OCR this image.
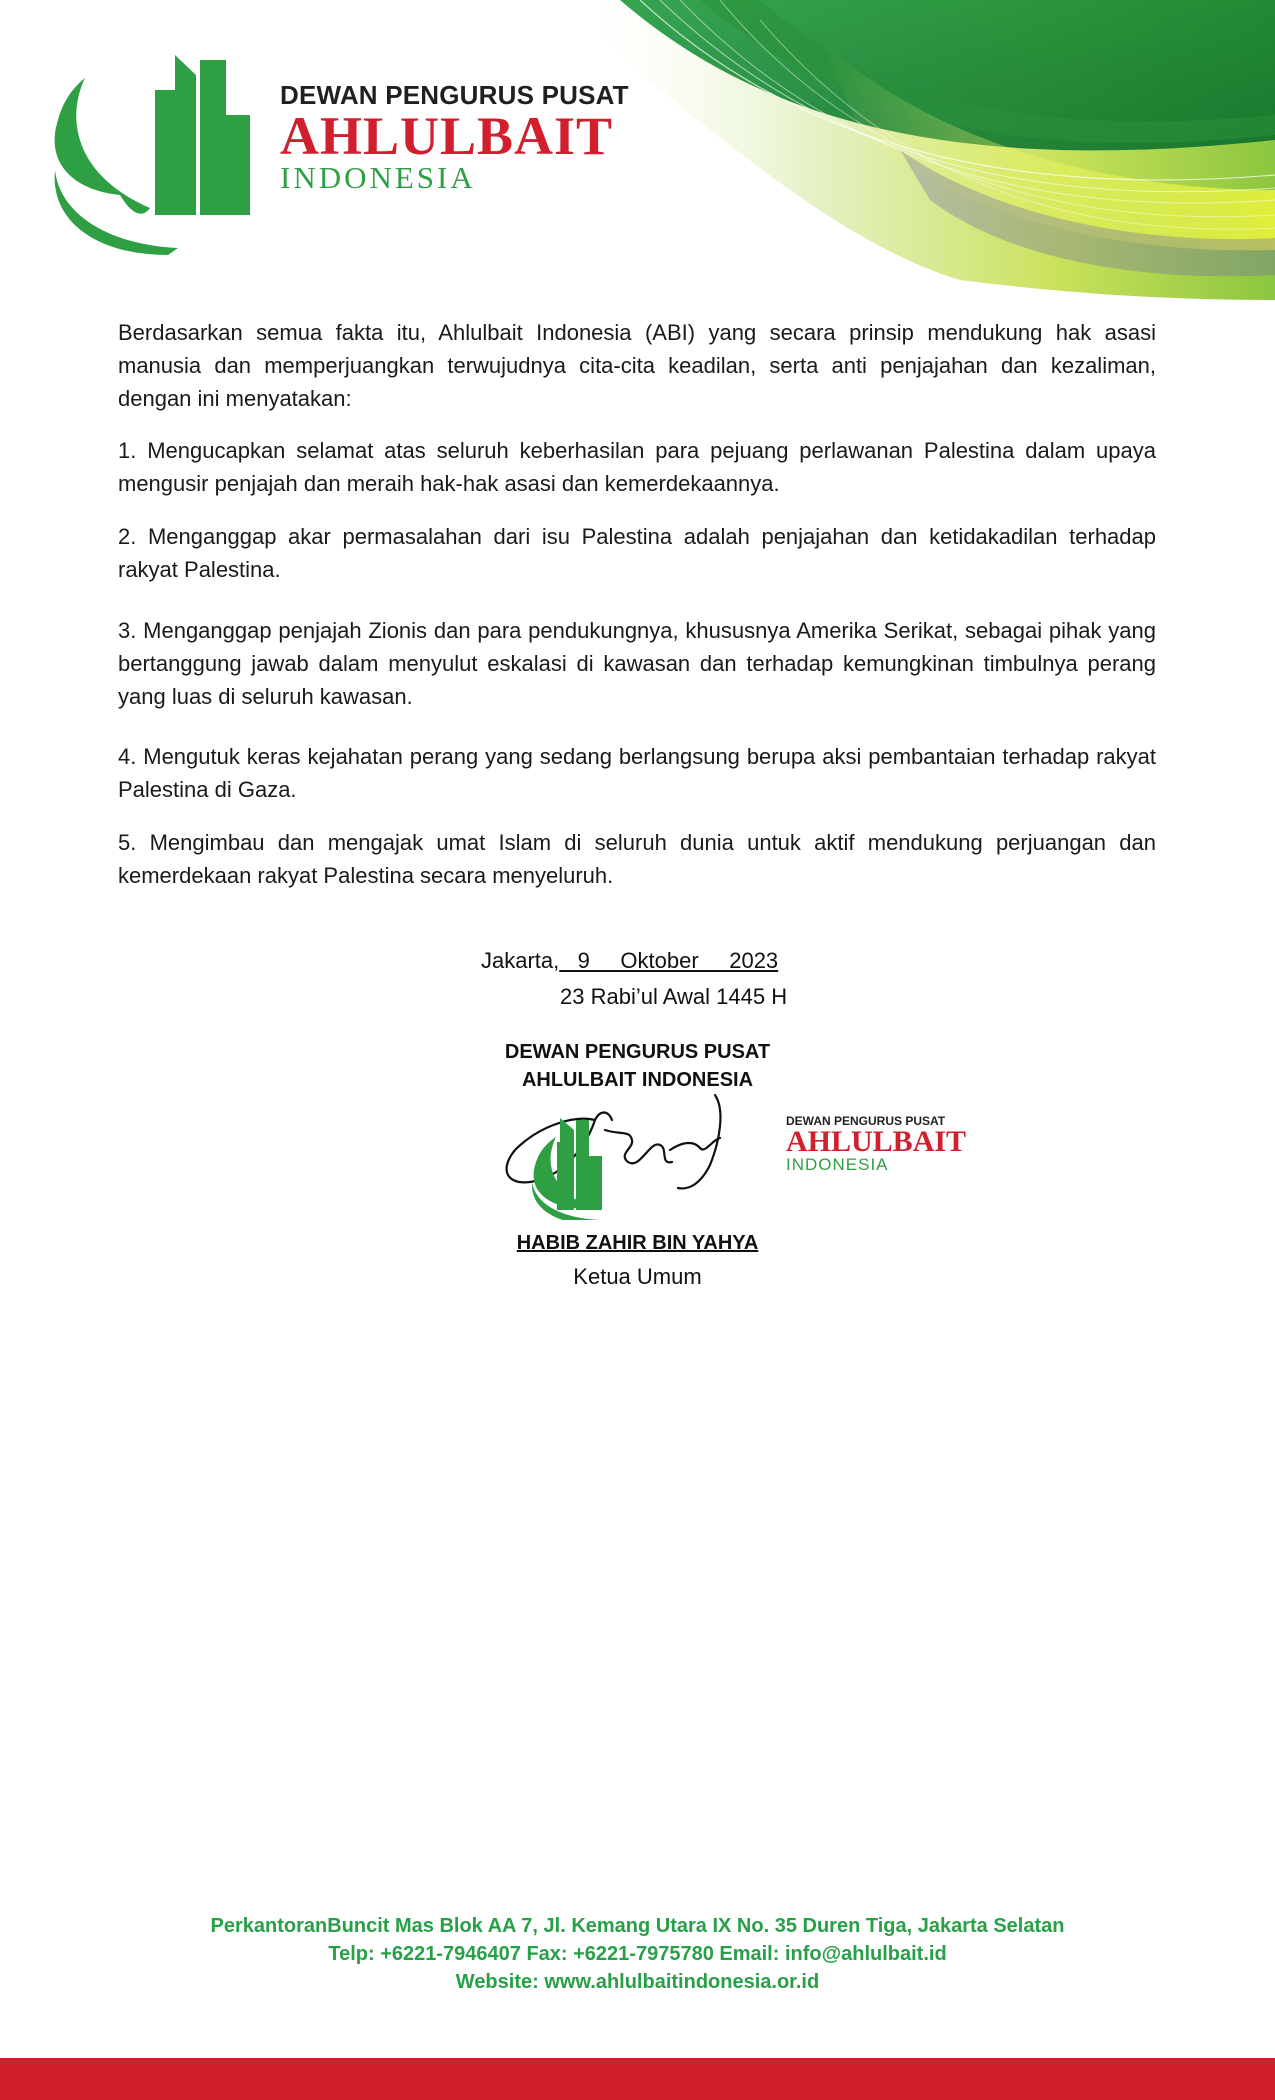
DEWAN PENGURUS PUSAT
AHLULBAIT
INDONESIA

Berdasarkan semua fakta itu, Ahlulbait Indonesia (ABI) yang secara prinsip mendukung hak asasi manusia dan memperjuangkan terwujudnya cita-cita keadilan, serta anti penjajahan dan kezaliman, dengan ini menyatakan:

1. Mengucapkan selamat atas seluruh keberhasilan para pejuang perlawanan Palestina dalam upaya mengusir penjajah dan meraih hak-hak asasi dan kemerdekaannya.

2. Menganggap akar permasalahan dari isu Palestina adalah penjajahan dan ketidakadilan terhadap rakyat Palestina.

3. Menganggap penjajah Zionis dan para pendukungnya, khususnya Amerika Serikat, sebagai pihak yang bertanggung jawab dalam menyulut eskalasi di kawasan dan terhadap kemungkinan timbulnya perang yang luas di seluruh kawasan.

4. Mengutuk keras kejahatan perang yang sedang berlangsung berupa aksi pembantaian terhadap rakyat Palestina di Gaza.

5. Mengimbau dan mengajak umat Islam di seluruh dunia untuk aktif mendukung perjuangan dan kemerdekaan rakyat Palestina secara menyeluruh.

Jakarta,   9     Oktober     2023
23 Rabi’ul Awal 1445 H
DEWAN PENGURUS PUSAT
AHLULBAIT INDONESIA
DEWAN PENGURUS PUSAT
AHLULBAIT
INDONESIA
HABIB ZAHIR BIN YAHYA
Ketua Umum
PerkantoranBuncit Mas Blok AA 7, Jl. Kemang Utara IX No. 35 Duren Tiga, Jakarta Selatan
Telp: +6221-7946407 Fax: +6221-7975780 Email: info@ahlulbait.id
Website: www.ahlulbaitindonesia.or.id
